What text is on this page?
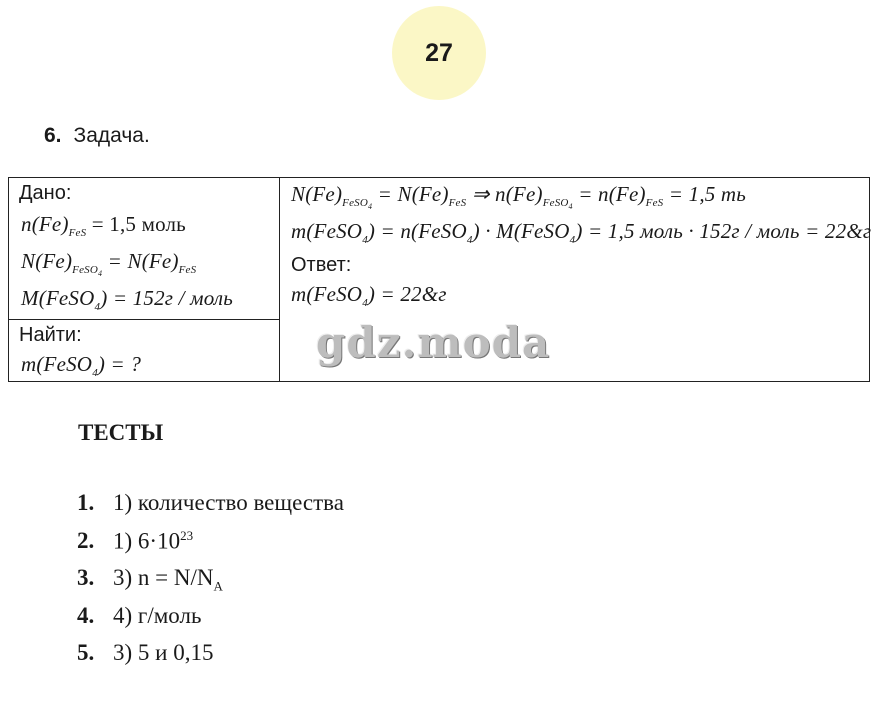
27
6. Задача.
Дано:
$n(Fe)_{FeS} = 1,5$ моль
$N(Fe)_{FeSO_4} = N(Fe)_{FeS}$
M(FeSO$_4$) = 152г / моль
Найти:
m(FeSO$_4$) = ?
$N(Fe)_{FeSO_4} = N(Fe)_{FeS}$ ⇒ $n(Fe)_{FeSO_4} = n(Fe)_{FeS} = 1,5$ ть
m(FeSO$_4$) = n(FeSO$_4$) · M(FeSO$_4$) = 1,5 моль · 152г / моль = 22&г
Ответ:
m(FeSO$_4$) = 22&г
gdz.moda
ТЕСТЫ
1. 1) количество вещества
2. 1) $6\cdot 10^{23}$
3. 3) $n = N/N_A$
4. 4) г/моль
5. 3) 5 и 0,15
